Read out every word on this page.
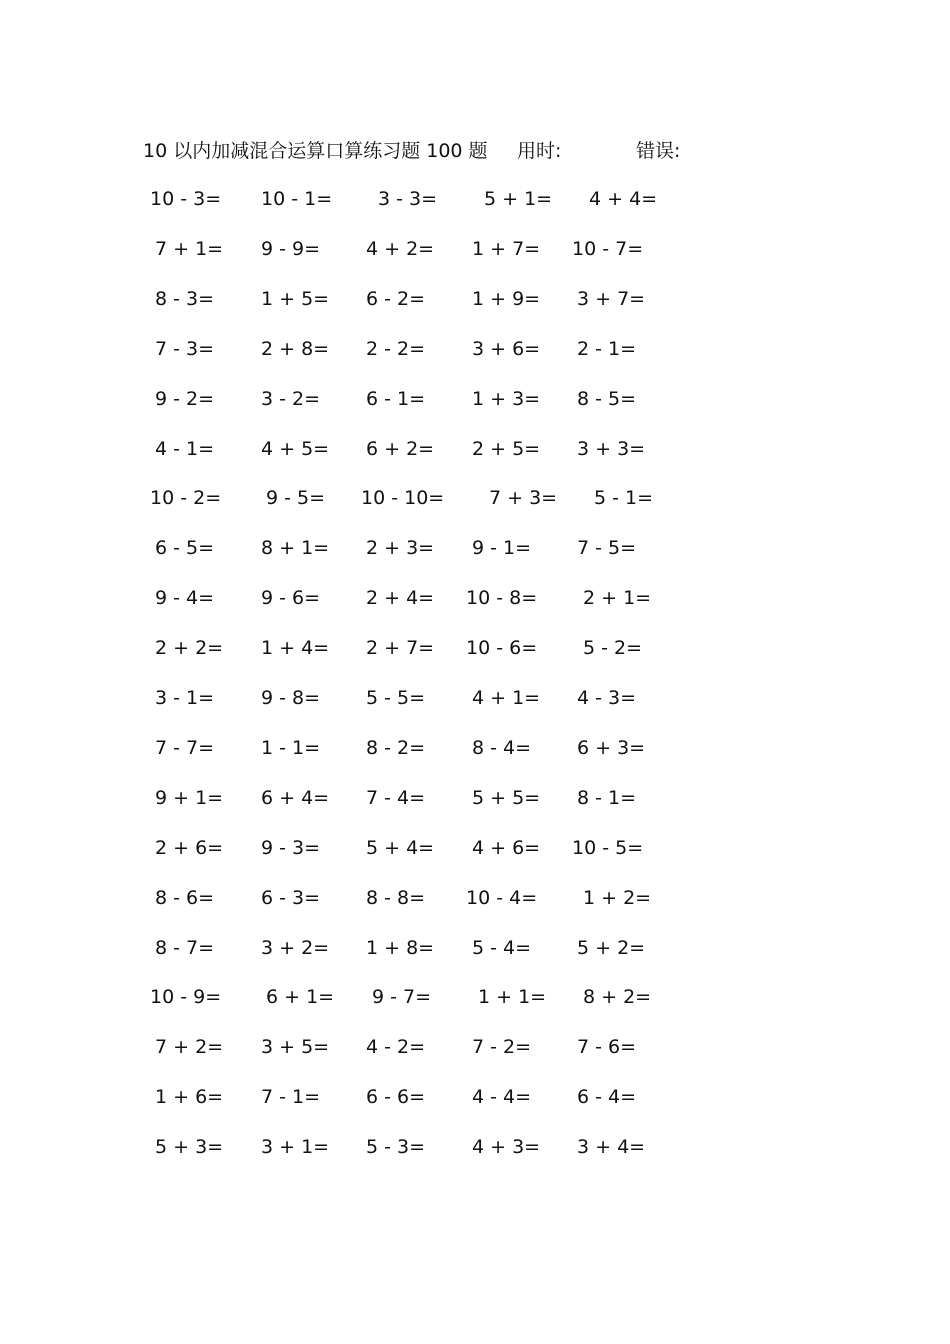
10 以内加减混合运算口算练习题 100 题 用时:	错误:
10 - 3= 10 - 1= 3 - 3= 5 + 1= 4 + 4=
7 + 1= 9 - 9= 4 + 2= 1 + 7= 10 - 7=
8 - 3= 1 + 5= 6 - 2= 1 + 9= 3 + 7=
7 - 3= 2 + 8= 2 - 2= 3 + 6= 2 - 1=
9 - 2= 3 - 2= 6 - 1= 1 + 3= 8 - 5=
4 - 1= 4 + 5= 6 + 2= 2 + 5= 3 + 3=
10 - 2= 9 - 5= 10 - 10= 7 + 3= 5 - 1=
6 - 5= 8 + 1= 2 + 3= 9 - 1= 7 - 5=
9 - 4= 9 - 6= 2 + 4= 10 - 8= 2 + 1=
2 + 2= 1 + 4= 2 + 7= 10 - 6= 5 - 2=
3 - 1= 9 - 8= 5 - 5= 4 + 1= 4 - 3=
7 - 7= 1 - 1= 8 - 2= 8 - 4= 6 + 3=
9 + 1= 6 + 4= 7 - 4= 5 + 5= 8 - 1=
2 + 6= 9 - 3= 5 + 4= 4 + 6= 10 - 5=
8 - 6= 6 - 3= 8 - 8= 10 - 4= 1 + 2=
8 - 7= 3 + 2= 1 + 8= 5 - 4= 5 + 2=
10 - 9= 6 + 1= 9 - 7= 1 + 1= 8 + 2=
7 + 2= 3 + 5= 4 - 2= 7 - 2= 7 - 6=
1 + 6= 7 - 1= 6 - 6= 4 - 4= 6 - 4=
5 + 3= 3 + 1= 5 - 3= 4 + 3= 3 + 4=
